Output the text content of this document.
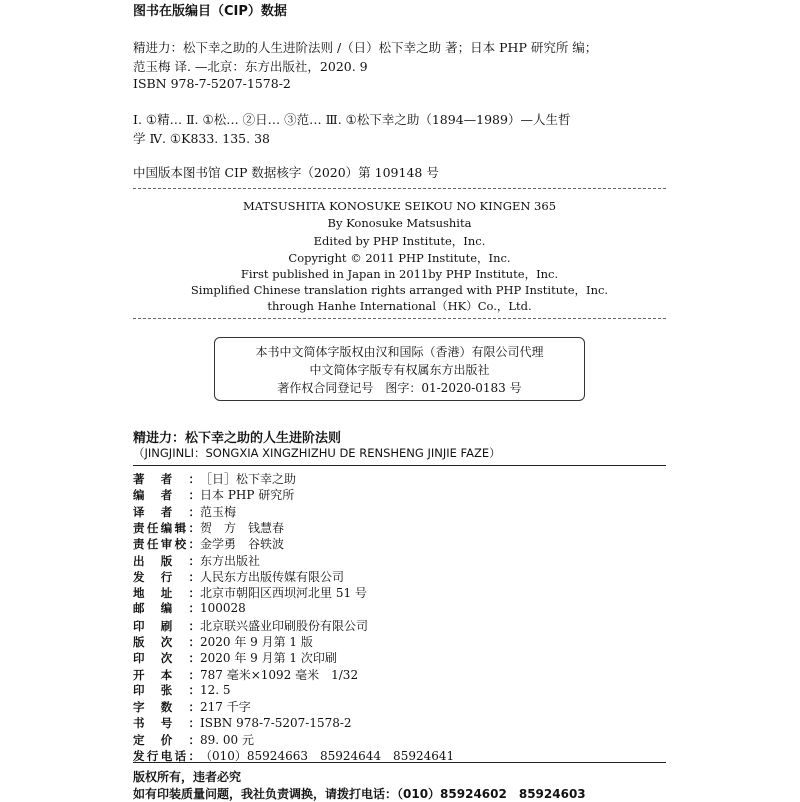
图书在版编目（CIP）数据
精进力：松下幸之助的人生进阶法则 /（日）松下幸之助 著；日本 PHP 研究所 编；
范玉梅 译. —北京：东方出版社，2020. 9
ISBN 978-7-5207-1578-2
Ⅰ. ①精… Ⅱ. ①松… ②日… ③范… Ⅲ. ①松下幸之助（1894—1989）—人生哲
学 Ⅳ. ①K833. 135. 38
中国版本图书馆 CIP 数据核字（2020）第 109148 号
MATSUSHITA KONOSUKE SEIKOU NO KINGEN 365
By Konosuke Matsushita
Edited by PHP Institute，Inc.
Copyright © 2011 PHP Institute，Inc.
First published in Japan in 2011by PHP Institute，Inc.
Simplified Chinese translation rights arranged with PHP Institute，Inc.
through Hanhe International（HK）Co.，Ltd.
本书中文简体字版权由汉和国际（香港）有限公司代理
中文简体字版专有权属东方出版社
著作权合同登记号　图字：01-2020-0183 号
精进力：松下幸之助的人生进阶法则
（JINGJINLI：SONGXIA XINGZHIZHU DE RENSHENG JINJIE FAZE）
著者：［日］松下幸之助
编者：日本 PHP 研究所
译者：范玉梅
责任编辑：贺　方　钱慧春
责任审校：金学勇　谷轶波
出版：东方出版社
发行：人民东方出版传媒有限公司
地址：北京市朝阳区西坝河北里 51 号
邮编：100028
印刷：北京联兴盛业印刷股份有限公司
版次：2020 年 9 月第 1 版
印次：2020 年 9 月第 1 次印刷
开本：787 毫米×1092 毫米　1/32
印张：12. 5
字数：217 千字
书号：ISBN 978-7-5207-1578-2
定价：89. 00 元
发行电话：（010）85924663　85924644　85924641
版权所有，违者必究
如有印装质量问题，我社负责调换，请拨打电话：（010）85924602　85924603
